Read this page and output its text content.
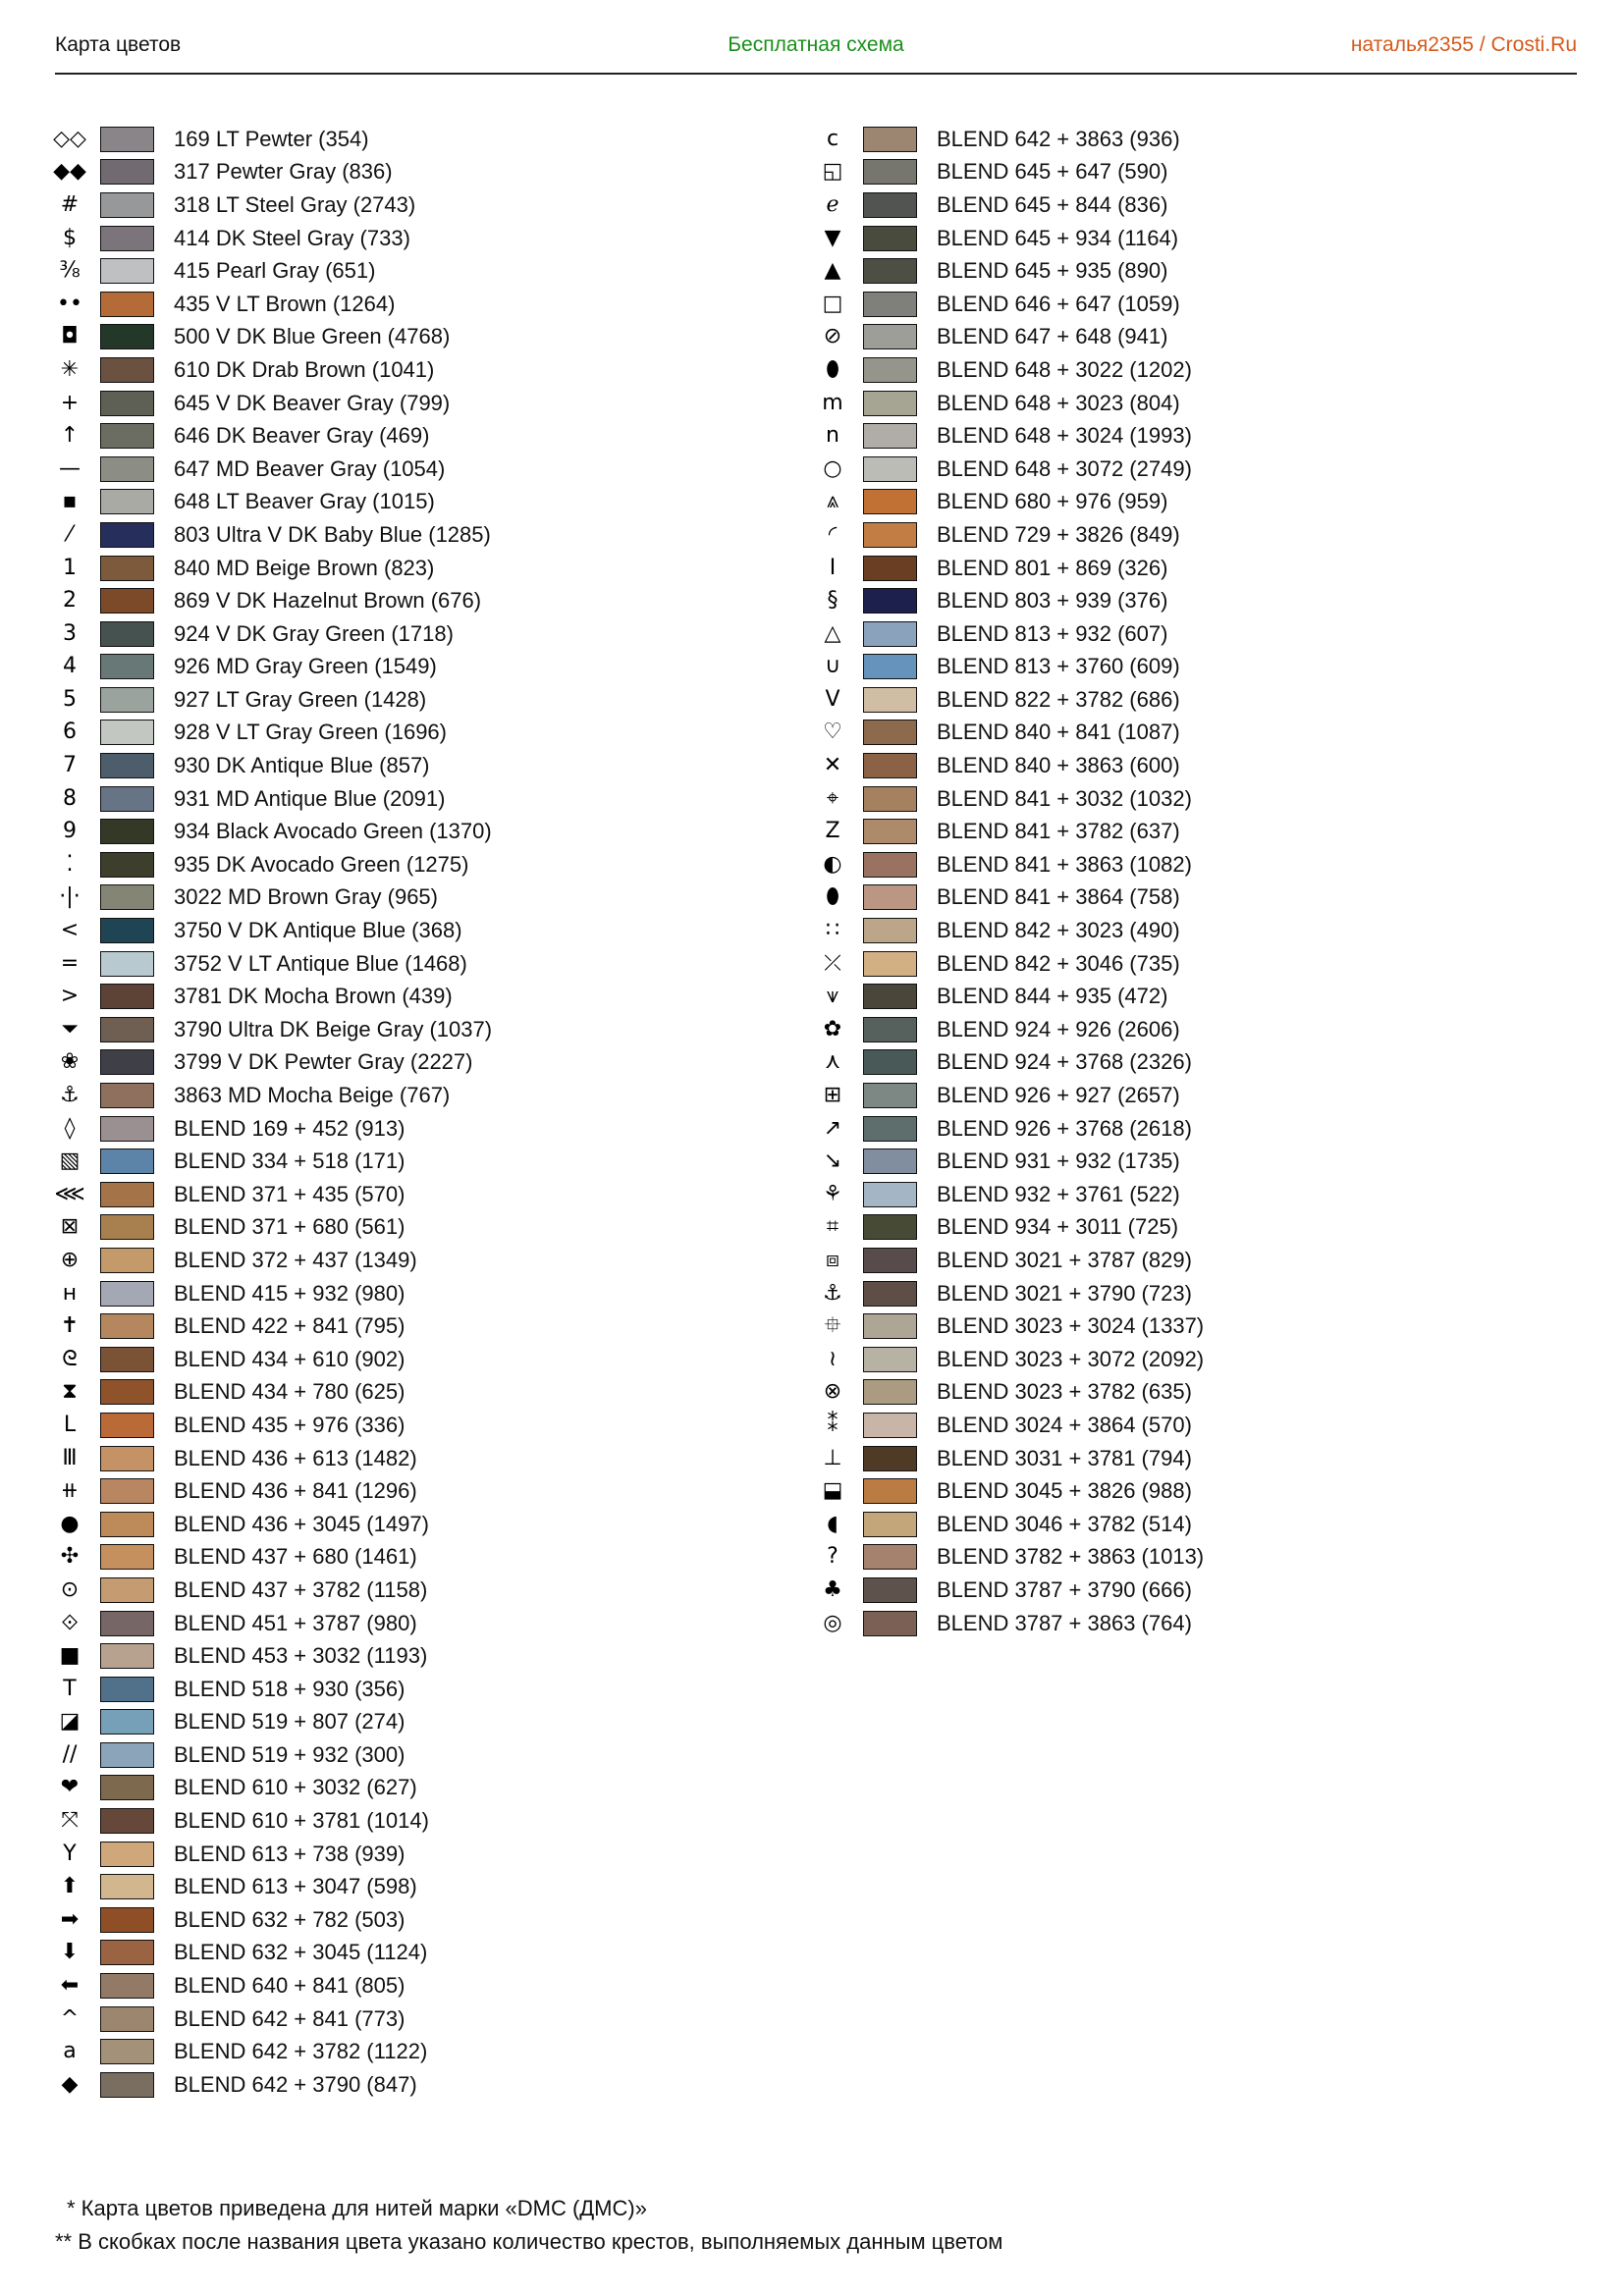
Карта цветов	Бесплатная схема	наталья2355 / Crosti.Ru
◇◇	169 LT Pewter (354)
◆◆	317 Pewter Gray (836)
#	318 LT Steel Gray (2743)
$	414 DK Steel Gray (733)
⅜	415 Pearl Gray (651)
••	435 V LT Brown (1264)
◘	500 V DK Blue Green (4768)
✳	610 DK Drab Brown (1041)
+	645 V DK Beaver Gray (799)
↑	646 DK Beaver Gray (469)
—	647 MD Beaver Gray (1054)
▪	648 LT Beaver Gray (1015)
⁄	803 Ultra V DK Baby Blue (1285)
1	840 MD Beige Brown (823)
2	869 V DK Hazelnut Brown (676)
3	924 V DK Gray Green (1718)
4	926 MD Gray Green (1549)
5	927 LT Gray Green (1428)
6	928 V LT Gray Green (1696)
7	930 DK Antique Blue (857)
8	931 MD Antique Blue (2091)
9	934 Black Avocado Green (1370)
⁚	935 DK Avocado Green (1275)
·|·	3022 MD Brown Gray (965)
<	3750 V DK Antique Blue (368)
=	3752 V LT Antique Blue (1468)
>	3781 DK Mocha Brown (439)
⏷	3790 Ultra DK Beige Gray (1037)
❀	3799 V DK Pewter Gray (2227)
⚓	3863 MD Mocha Beige (767)
◊	BLEND 169 + 452 (913)
▧	BLEND 334 + 518 (171)
⋘	BLEND 371 + 435 (570)
⊠	BLEND 371 + 680 (561)
⊕	BLEND 372 + 437 (1349)
н	BLEND 415 + 932 (980)
✝	BLEND 422 + 841 (795)
ᘓ	BLEND 434 + 610 (902)
⧗	BLEND 434 + 780 (625)
L	BLEND 435 + 976 (336)
Ⅲ	BLEND 436 + 613 (1482)
⧺	BLEND 436 + 841 (1296)
●	BLEND 436 + 3045 (1497)
✣	BLEND 437 + 680 (1461)
⊙	BLEND 437 + 3782 (1158)
⟐	BLEND 451 + 3787 (980)
■	BLEND 453 + 3032 (1193)
T	BLEND 518 + 930 (356)
◪	BLEND 519 + 807 (274)
//	BLEND 519 + 932 (300)
❤	BLEND 610 + 3032 (627)
⤧	BLEND 610 + 3781 (1014)
Y	BLEND 613 + 738 (939)
⬆	BLEND 613 + 3047 (598)
➡	BLEND 632 + 782 (503)
⬇	BLEND 632 + 3045 (1124)
⬅	BLEND 640 + 841 (805)
^	BLEND 642 + 841 (773)
a	BLEND 642 + 3782 (1122)
◆	BLEND 642 + 3790 (847)
c	BLEND 642 + 3863 (936)
◱	BLEND 645 + 647 (590)
ℯ	BLEND 645 + 844 (836)
▼	BLEND 645 + 934 (1164)
▲	BLEND 645 + 935 (890)
□	BLEND 646 + 647 (1059)
⊘	BLEND 647 + 648 (941)
⬮	BLEND 648 + 3022 (1202)
m	BLEND 648 + 3023 (804)
n	BLEND 648 + 3024 (1993)
○	BLEND 648 + 3072 (2749)
⩓	BLEND 680 + 976 (959)
◜	BLEND 729 + 3826 (849)
I	BLEND 801 + 869 (326)
§	BLEND 803 + 939 (376)
△	BLEND 813 + 932 (607)
∪	BLEND 813 + 3760 (609)
V	BLEND 822 + 3782 (686)
♡	BLEND 840 + 841 (1087)
✕	BLEND 840 + 3863 (600)
⌖	BLEND 841 + 3032 (1032)
Z	BLEND 841 + 3782 (637)
◐	BLEND 841 + 3863 (1082)
⬮	BLEND 841 + 3864 (758)
∷	BLEND 842 + 3023 (490)
⤫	BLEND 842 + 3046 (735)
⩛	BLEND 844 + 935 (472)
✿	BLEND 924 + 926 (2606)
⋏	BLEND 924 + 3768 (2326)
⊞	BLEND 926 + 927 (2657)
↗	BLEND 926 + 3768 (2618)
↘	BLEND 931 + 932 (1735)
⚘	BLEND 932 + 3761 (522)
⌗	BLEND 934 + 3011 (725)
⧈	BLEND 3021 + 3787 (829)
⚓	BLEND 3021 + 3790 (723)
⯐	BLEND 3023 + 3024 (1337)
≀	BLEND 3023 + 3072 (2092)
⊗	BLEND 3023 + 3782 (635)
⁑	BLEND 3024 + 3864 (570)
⊥	BLEND 3031 + 3781 (794)
⬓	BLEND 3045 + 3826 (988)
◖	BLEND 3046 + 3782 (514)
?	BLEND 3782 + 3863 (1013)
♣	BLEND 3787 + 3790 (666)
◎	BLEND 3787 + 3863 (764)
* Карта цветов приведена для нитей марки «DMC (ДМС)»
** В скобках после названия цвета указано количество крестов, выполняемых данным цветом
